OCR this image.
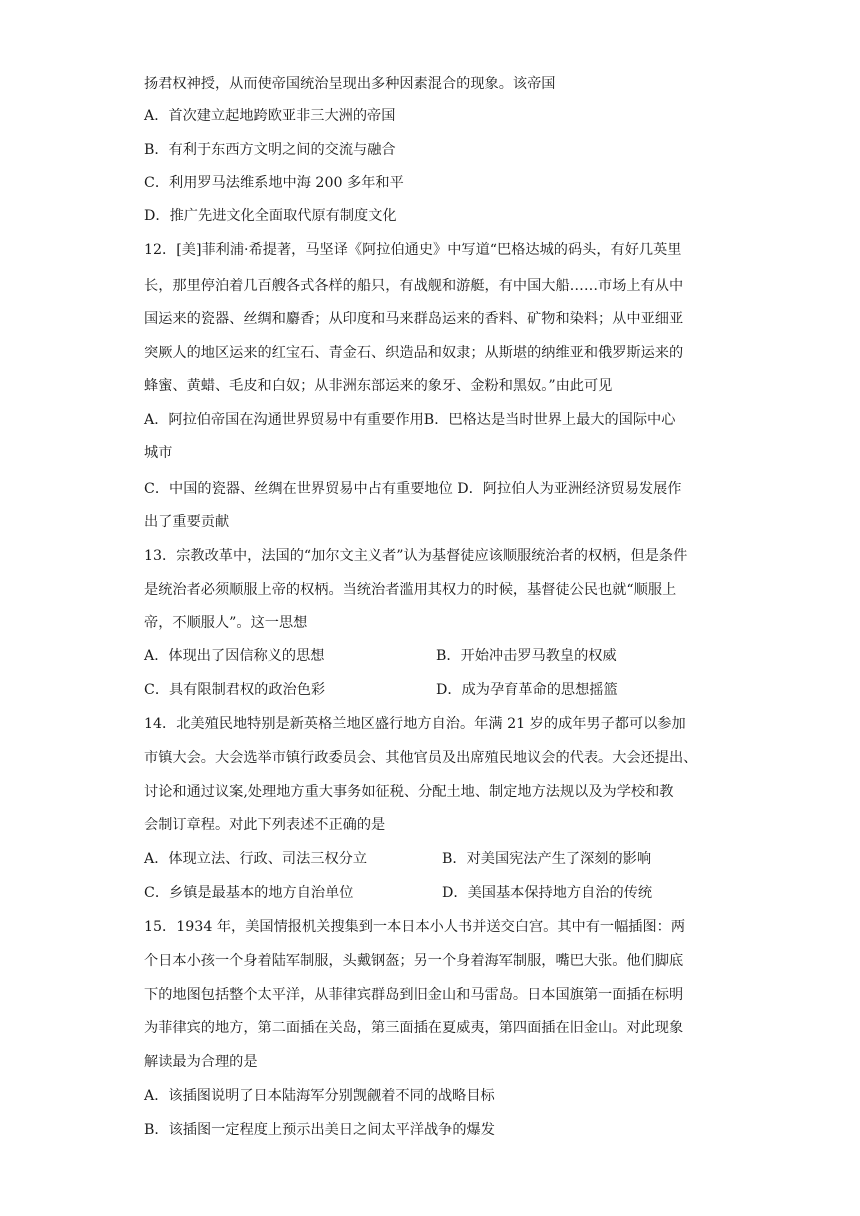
扬君权神授，从而使帝国统治呈现出多种因素混合的现象。该帝国
A．首次建立起地跨欧亚非三大洲的帝国
B．有利于东西方文明之间的交流与融合
C．利用罗马法维系地中海 200 多年和平
D．推广先进文化全面取代原有制度文化
12．[美]菲利浦·希提著，马坚译《阿拉伯通史》中写道“巴格达城的码头，有好几英里
长，那里停泊着几百艘各式各样的船只，有战舰和游艇，有中国大船……市场上有从中
国运来的瓷器、丝绸和麝香；从印度和马来群岛运来的香料、矿物和染料；从中亚细亚
突厥人的地区运来的红宝石、青金石、织造品和奴隶；从斯堪的纳维亚和俄罗斯运来的
蜂蜜、黄蜡、毛皮和白奴；从非洲东部运来的象牙、金粉和黑奴。”由此可见
A．阿拉伯帝国在沟通世界贸易中有重要作用B．巴格达是当时世界上最大的国际中心
城市
C．中国的瓷器、丝绸在世界贸易中占有重要地位 D．阿拉伯人为亚洲经济贸易发展作
出了重要贡献
13．宗教改革中，法国的“加尔文主义者”认为基督徒应该顺服统治者的权柄，但是条件
是统治者必须顺服上帝的权柄。当统治者滥用其权力的时候，基督徒公民也就“顺服上
帝，不顺服人”。这一思想
A．体现出了因信称义的思想	B．开始冲击罗马教皇的权威
C．具有限制君权的政治色彩	D．成为孕育革命的思想摇篮
14．北美殖民地特别是新英格兰地区盛行地方自治。年满 21 岁的成年男子都可以参加
市镇大会。大会选举市镇行政委员会、其他官员及出席殖民地议会的代表。大会还提出、
讨论和通过议案,处理地方重大事务如征税、分配土地、制定地方法规以及为学校和教
会制订章程。对此下列表述不正确的是
A．体现立法、行政、司法三权分立	B．对美国宪法产生了深刻的影响
C．乡镇是最基本的地方自治单位	D．美国基本保持地方自治的传统
15．1934 年，美国情报机关搜集到一本日本小人书并送交白宫。其中有一幅插图：两
个日本小孩一个身着陆军制服，头戴钢盔；另一个身着海军制服，嘴巴大张。他们脚底
下的地图包括整个太平洋，从菲律宾群岛到旧金山和马雷岛。日本国旗第一面插在标明
为菲律宾的地方，第二面插在关岛，第三面插在夏威夷，第四面插在旧金山。对此现象
解读最为合理的是
A．该插图说明了日本陆海军分别觊觎着不同的战略目标
B．该插图一定程度上预示出美日之间太平洋战争的爆发
